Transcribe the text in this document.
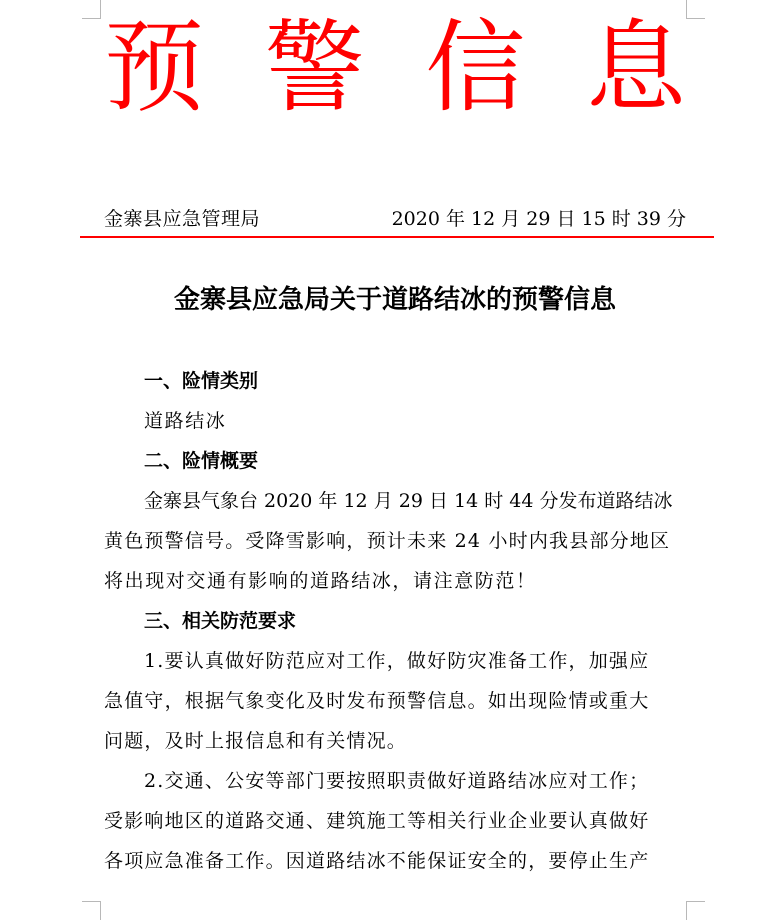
预 警 信 息
金寨县应急管理局	2020 年 12 月 29 日 15 时 39 分
金寨县应急局关于道路结冰的预警信息
一、险情类别
道路结冰
二、险情概要
金寨县气象台 2020 年 12 月 29 日 14 时 44 分发布道路结冰
黄色预警信号。受降雪影响，预计未来 24 小时内我县部分地区
将出现对交通有影响的道路结冰，请注意防范！
三、相关防范要求
1.要认真做好防范应对工作，做好防灾准备工作，加强应
急值守，根据气象变化及时发布预警信息。如出现险情或重大
问题，及时上报信息和有关情况。
2.交通、公安等部门要按照职责做好道路结冰应对工作；
受影响地区的道路交通、建筑施工等相关行业企业要认真做好
各项应急准备工作。因道路结冰不能保证安全的，要停止生产
